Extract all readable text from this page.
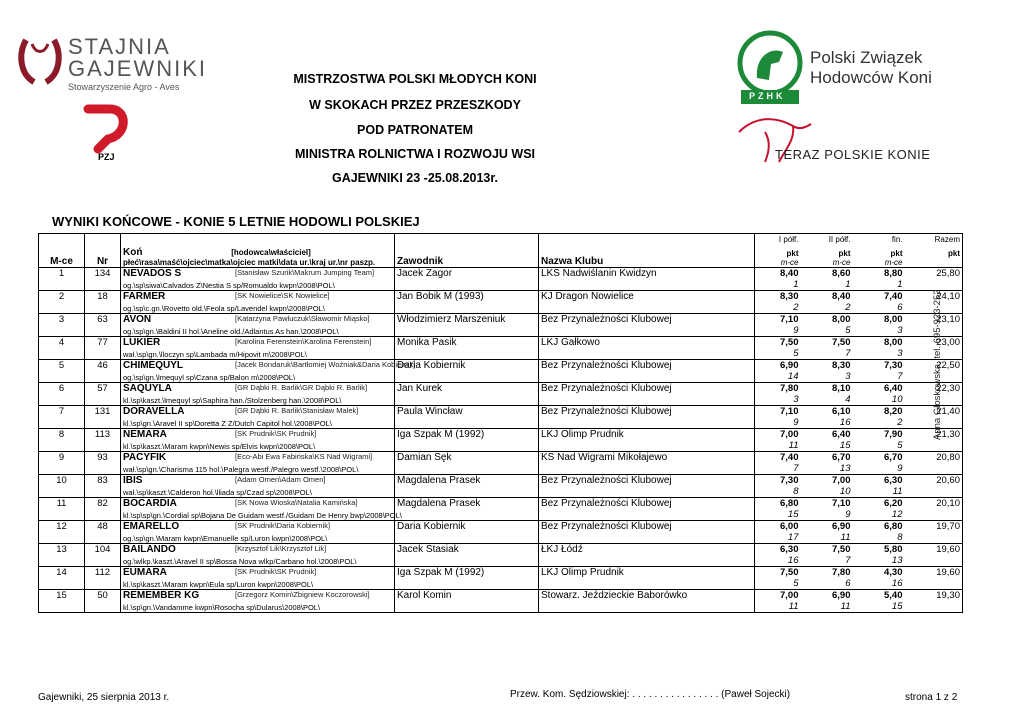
STAJNIA
GAJEWNIKI
Stowarzyszenie Agro - Aves
PZJ
PZHK
Polski Związek
Hodowców Koni
TERAZ POLSKIE KONIE
MISTRZOSTWA POLSKI MŁODYCH KONI
W SKOKACH PRZEZ PRZESZKODY
POD PATRONATEM
MINISTRA ROLNICTWA I ROZWOJU WSI
GAJEWNIKI 23 -25.08.2013r.
WYNIKI KOŃCOWE - KONIE 5 LETNIE HODOWLI POLSKIEJ
					I półf.	II półf.	fin.	Razem
M-ce	Nr	Koń [hodowca\właściciel]	Zawodnik	Nazwa Klubu	pkt	pkt	pkt	pkt
		płeć\rasa\maść\ojciec\matka\ojciec matki\data ur.\kraj ur.\nr paszp.			m-ce	m-ce	m-ce	
1	134	NEVADOS S [Stanisław Szurik\Makrum Jumping Team]	Jacek Zagor	LKS Nadwiślanin Kwidzyn	8,40	8,60	8,80	25,80
		og.\sp\siwa\Calvados Z\Nestia S sp/Romualdo kwpn\2008\POL\			1	1	1	
2	18	FARMER [SK Nowielice\SK Nowielice]	Jan Bobik M (1993)	KJ Dragon Nowielice	8,30	8,40	7,40	24,10
		og.\sp\c.gn.\Rovetto old.\Feola sp/Lavendel kwpn\2008\POL\			2	2	6	
3	63	AVON [Katarzyna Pawluczuk\Sławomir Miąsko]	Włodzimierz Marszeniuk	Bez Przynależności Klubowej	7,10	8,00	8,00	23,10
		og.\sp\gn.\Baldini II hol.\Aneline old./Adlantus As han.\2008\POL\			9	5	3	
4	77	LUKIER [Karolina Ferenstein\Karolina Ferenstein]	Monika Pasik	LKJ Gałkowo	7,50	7,50	8,00	23,00
		wał.\sp\gn.\lloczyn sp\Lambada m/Hipovit m\2008\POL\			5	7	3	
5	46	CHIMEQUYL [Jacek Bondaruk\Bartłomiej Woźniak&Daria Kobiernik]	Daria Kobiernik	Bez Przynależności Klubowej	6,90	8,30	7,30	22,50
		og.\sp\gn.\lmequyl sp\Czana sp/Balon m\2008\POL\			14	3	7	
6	57	SAQUYLA [GR Dąbki R. Barlik\GR Dąbki R. Barlik]	Jan Kurek	Bez Przynależności Klubowej	7,80	8,10	6,40	22,30
		kl.\sp\kaszt.\lmequyl sp\Saphira han./Stolzenberg han.\2008\POL\			3	4	10	
7	131	DORAVELLA [GR Dąbki R. Barlik\Stanisław Malek]	Paula Wincław	Bez Przynależności Klubowej	7,10	6,10	8,20	21,40
		kl.\sp\gn.\Aravel II sp\Doretta Z Z/Dutch Capitol hol.\2008\POL\			9	16	2	
8	113	NEMARA [SK Prudnik\SK Prudnik]	Iga Szpak M (1992)	LKJ Olimp Prudnik	7,00	6,40	7,90	21,30
		kl.\sp\kaszt.\Maram kwpn\Newis sp/Elvis kwpn\2008\POL\			11	15	5	
9	93	PACYFIK [Eco-Abi Ewa Fabińska\KS Nad Wigrami]	Damian Sęk	KS Nad Wigrami Mikołajewo	7,40	6,70	6,70	20,80
		wał.\sp\gn.\Charisma 115 hol.\Palegra westf./Palegro westf.\2008\POL\			7	13	9	
10	83	IBIS [Adam Omen\Adam Omen]	Magdalena Prasek	Bez Przynależności Klubowej	7,30	7,00	6,30	20,60
		wał.\sp\kaszt.\Calderon hol.\lliada sp/Czad sp\2008\POL\			8	10	11	
11	82	BOCARDIA [SK Nowa Wioska\Natalia Kamińska]	Magdalena Prasek	Bez Przynależności Klubowej	6,80	7,10	6,20	20,10
		kl.\sp\sp\gn.\Cordial sp\Bojana De Guidam westf./Guidam De Henry bwp\2008\POL\			15	9	12	
12	48	EMARELLO [SK Prudnik\Daria Kobiernik]	Daria Kobiernik	Bez Przynależności Klubowej	6,00	6,90	6,80	19,70
		og.\sp\gn.\Maram kwpn\Emanuelle sp/Luron kwpn\2008\POL\			17	11	8	
13	104	BAILANDO [Krzysztof Lik\Krzysztof Lik]	Jacek Stasiak	ŁKJ Łódź	6,30	7,50	5,80	19,60
		og.\wlkp.\kaszt.\Aravel II sp\Bossa Nova wlkp/Carbano hol.\2008\POL\			16	7	13	
14	112	EUMARA [SK Prudnik\SK Prudnik]	Iga Szpak M (1992)	LKJ Olimp Prudnik	7,50	7,80	4,30	19,60
		kl.\sp\kaszt.\Maram kwpn\Eula sp/Luron kwpn\2008\POL\			5	6	16	
15	50	REMEMBER KG [Grzegorz Komin\Zbigniew Koczorowski]	Karol Komin	Stowarz. Jeździeckie Baborówko	7,00	6,90	5,40	19,30
		kl.\sp\gn.\Vandamme kwpn\Rosocha sp\Dularus\2008\POL\			11	11	15	
Gajewniki, 25 sierpnia 2013 r.	Przew. Kom. Sędziowskiej: . . . . . . . . . . . . . . . . (Paweł Sojecki)	strona 1 z 2
Anna Głoskowska, tel. 695-923-252
